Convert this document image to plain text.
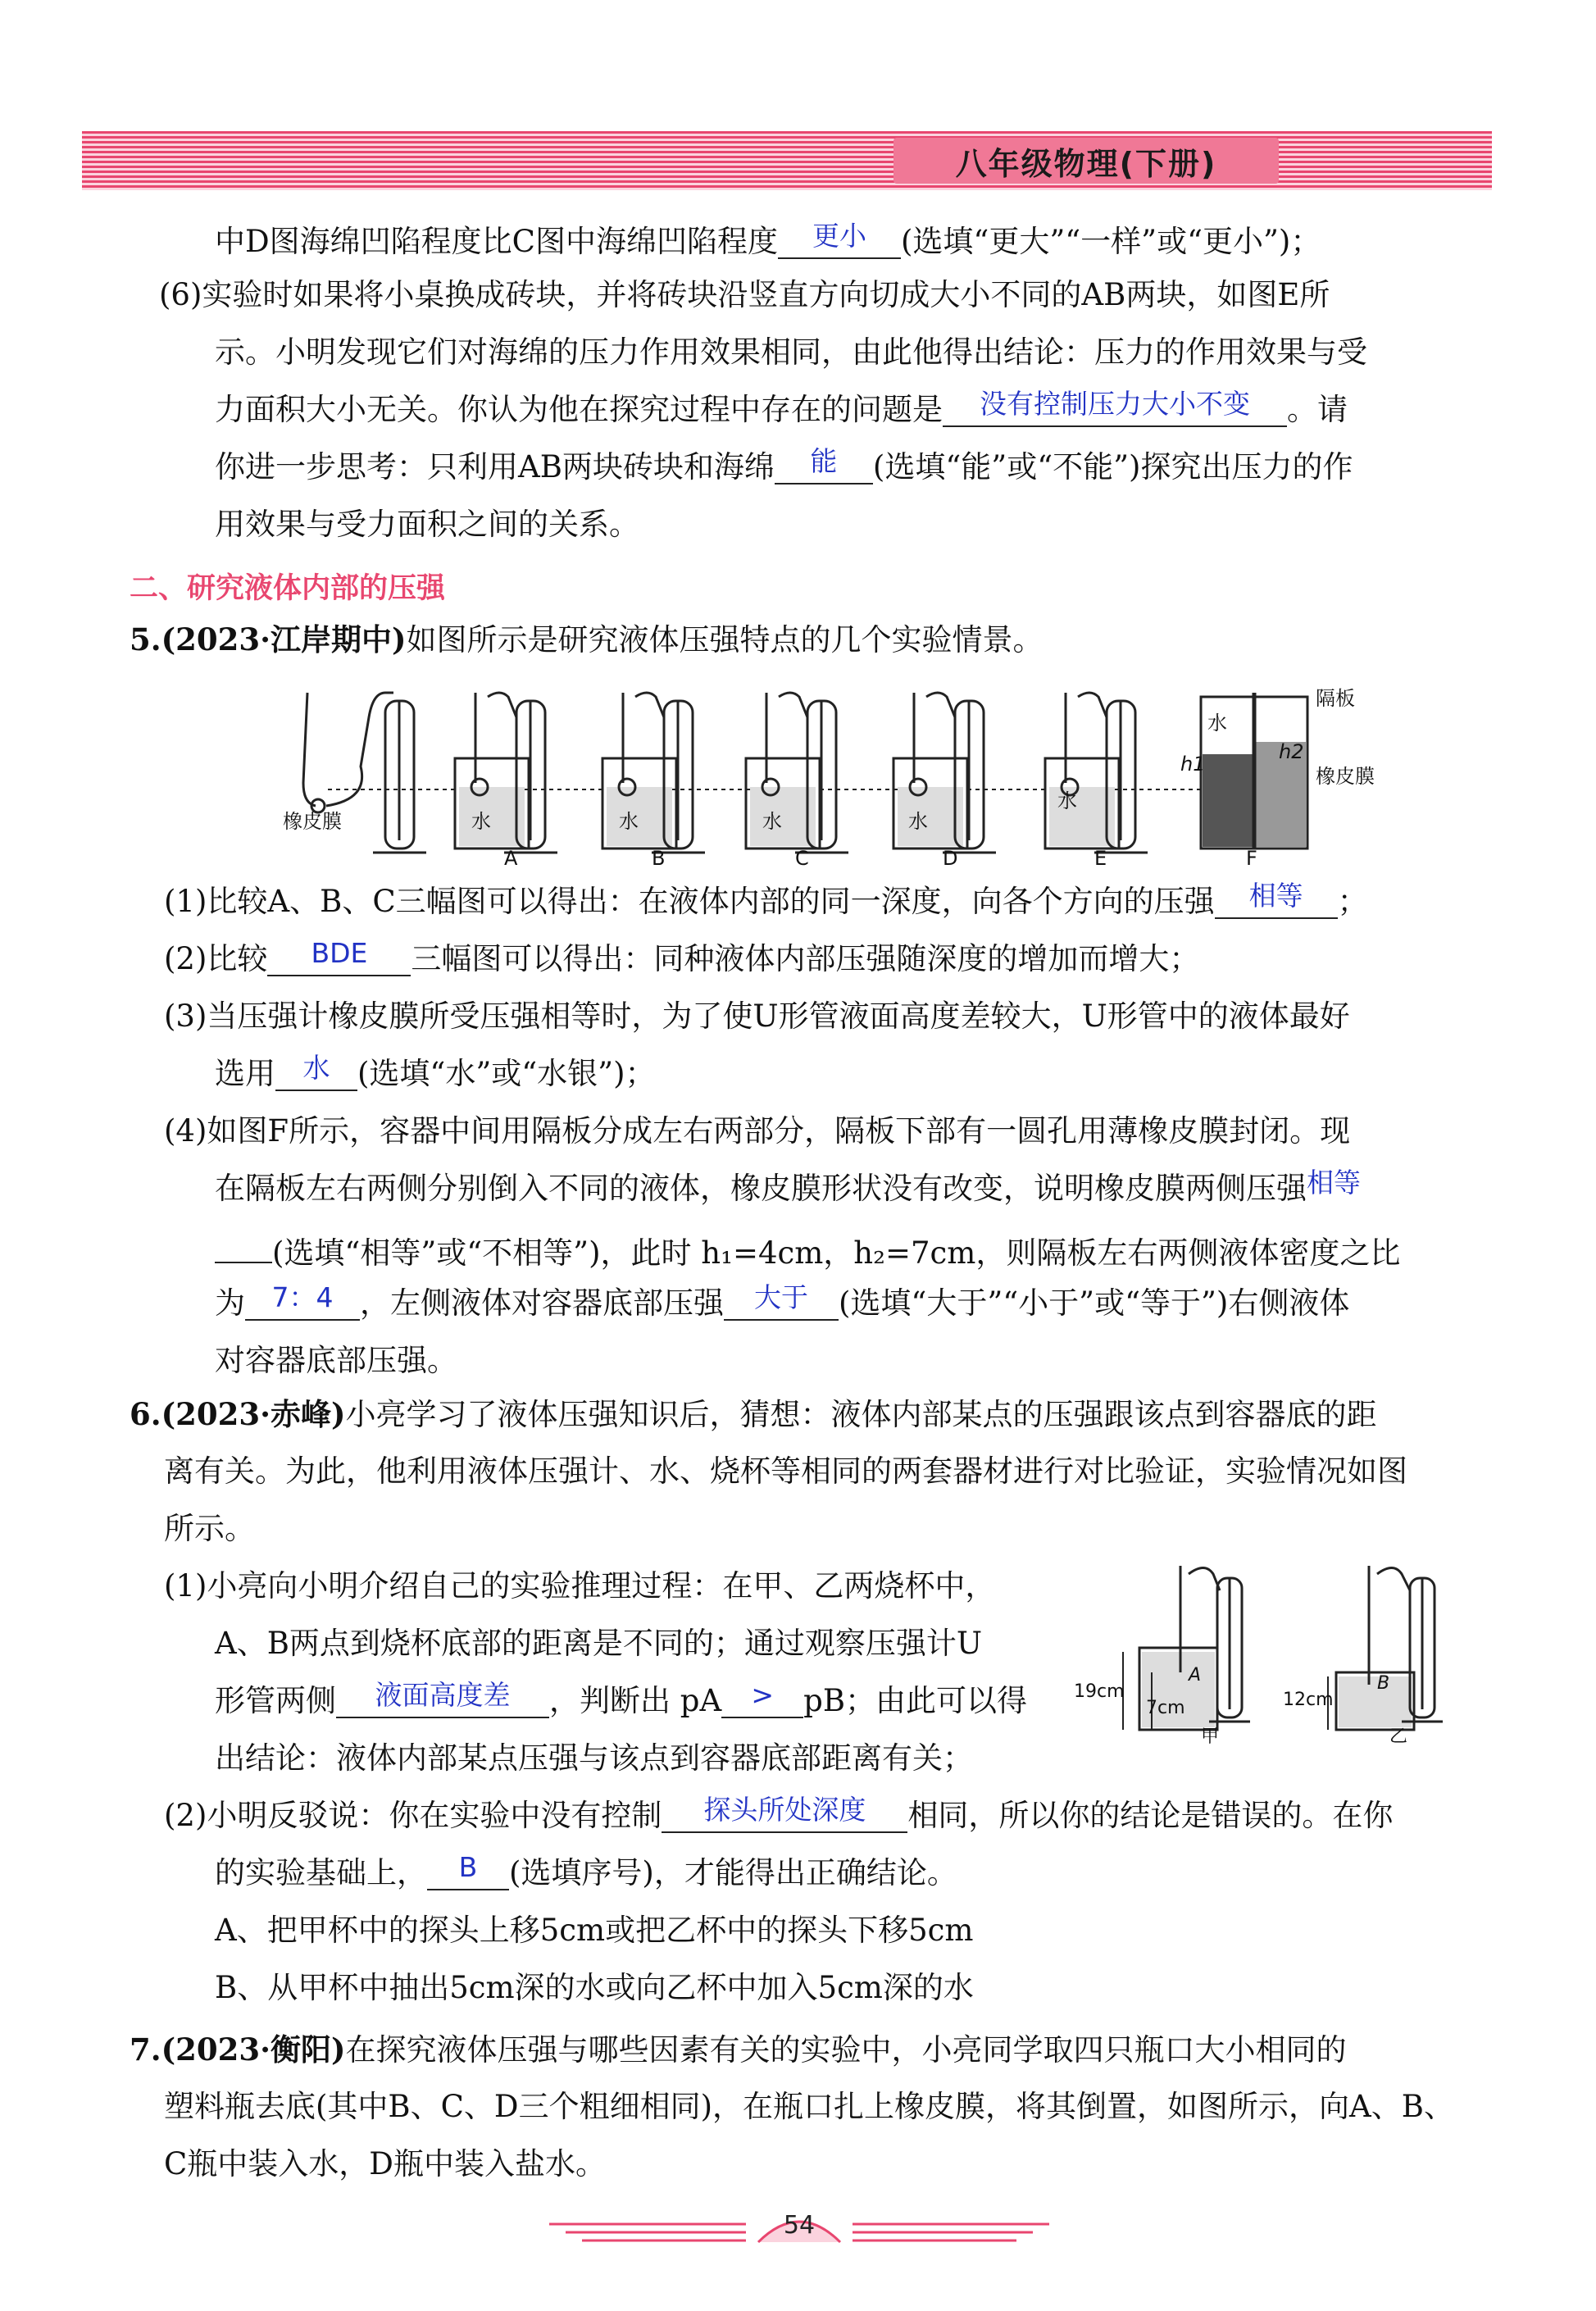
八年级物理(下册)
中D图海绵凹陷程度比C图中海绵凹陷程度 更小 (选填“更大”“一样”或“更小”)；
(6)实验时如果将小桌换成砖块，并将砖块沿竖直方向切成大小不同的AB两块，如图E所
示。小明发现它们对海绵的压力作用效果相同，由此他得出结论：压力的作用效果与受
力面积大小无关。你认为他在探究过程中存在的问题是 没有控制压力大小不变 。请
你进一步思考：只利用AB两块砖块和海绵 能 (选填“能”或“不能”)探究出压力的作
用效果与受力面积之间的关系。
二、研究液体内部的压强
5.(2023·江岸期中)如图所示是研究液体压强特点的几个实验情景。
橡皮膜	水	水	水	水
水
水
隔板
橡皮膜
h1
h2
A	B	C	D	E	F
(1)比较A、B、C三幅图可以得出：在液体内部的同一深度，向各个方向的压强 相等 ；
(2)比较 BDE 三幅图可以得出：同种液体内部压强随深度的增加而增大；
(3)当压强计橡皮膜所受压强相等时，为了使U形管液面高度差较大，U形管中的液体最好
选用 水 (选填“水”或“水银”)；
(4)如图F所示，容器中间用隔板分成左右两部分，隔板下部有一圆孔用薄橡皮膜封闭。现
在隔板左右两侧分别倒入不同的液体，橡皮膜形状没有改变，说明橡皮膜两侧压强相等
(选填“相等”或“不相等”)，此时 h₁=4cm，h₂=7cm，则隔板左右两侧液体密度之比
为 7：4 ，左侧液体对容器底部压强 大于 (选填“大于”“小于”或“等于”)右侧液体
对容器底部压强。
6.(2023·赤峰)小亮学习了液体压强知识后，猜想：液体内部某点的压强跟该点到容器底的距
离有关。为此，他利用液体压强计、水、烧杯等相同的两套器材进行对比验证，实验情况如图
所示。
(1)小亮向小明介绍自己的实验推理过程：在甲、乙两烧杯中，
A、B两点到烧杯底部的距离是不同的；通过观察压强计U
形管两侧 液面高度差 ，判断出 pA > pB；由此可以得
出结论：液体内部某点压强与该点到容器底部距离有关；
19cm
7cm	12cm
A	B
甲	乙
(2)小明反驳说：你在实验中没有控制 探头所处深度 相同，所以你的结论是错误的。在你
的实验基础上， B (选填序号)，才能得出正确结论。
A、把甲杯中的探头上移5cm或把乙杯中的探头下移5cm
B、从甲杯中抽出5cm深的水或向乙杯中加入5cm深的水
7.(2023·衡阳)在探究液体压强与哪些因素有关的实验中，小亮同学取四只瓶口大小相同的
塑料瓶去底(其中B、C、D三个粗细相同)，在瓶口扎上橡皮膜，将其倒置，如图所示，向A、B、
C瓶中装入水，D瓶中装入盐水。
54
